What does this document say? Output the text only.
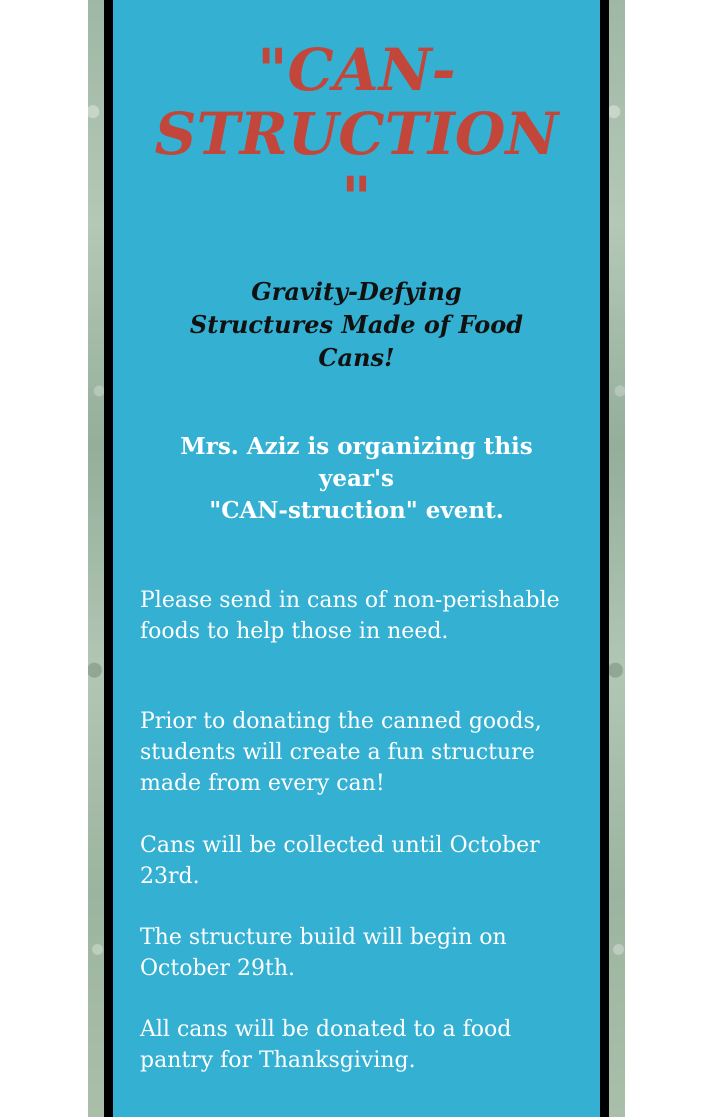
"CAN-
STRUCTION
"
Gravity-Defying
Structures Made of Food
Cans!
Mrs. Aziz is organizing this
year's
"CAN-struction" event.

Please send in cans of non-perishable foods to help those in need.

Prior to donating the canned goods, students will create a fun structure made from every can!

Cans will be collected until October 23rd.

The structure build will begin on October 29th.

All cans will be donated to a food pantry for Thanksgiving.
